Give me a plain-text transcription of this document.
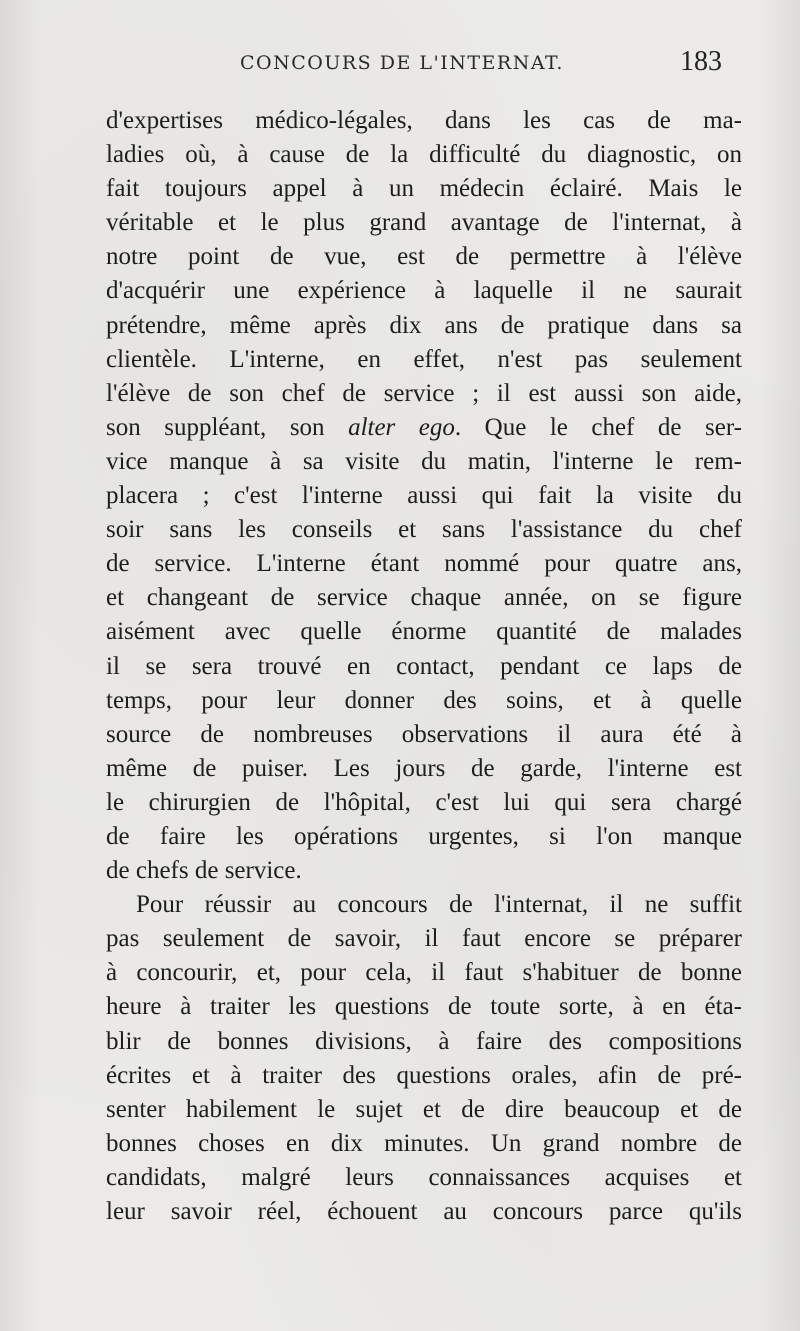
CONCOURS DE L'INTERNAT.	183
d'expertises médico-légales, dans les cas de ma-
ladies où, à cause de la difficulté du diagnostic, on
fait toujours appel à un médecin éclairé. Mais le
véritable et le plus grand avantage de l'internat, à
notre point de vue, est de permettre à l'élève
d'acquérir une expérience à laquelle il ne saurait
prétendre, même après dix ans de pratique dans sa
clientèle. L'interne, en effet, n'est pas seulement
l'élève de son chef de service ; il est aussi son aide,
son suppléant, son alter ego. Que le chef de ser-
vice manque à sa visite du matin, l'interne le rem-
placera ; c'est l'interne aussi qui fait la visite du
soir sans les conseils et sans l'assistance du chef
de service. L'interne étant nommé pour quatre ans,
et changeant de service chaque année, on se figure
aisément avec quelle énorme quantité de malades
il se sera trouvé en contact, pendant ce laps de
temps, pour leur donner des soins, et à quelle
source de nombreuses observations il aura été à
même de puiser. Les jours de garde, l'interne est
le chirurgien de l'hôpital, c'est lui qui sera chargé
de faire les opérations urgentes, si l'on manque
de chefs de service.
Pour réussir au concours de l'internat, il ne suffit
pas seulement de savoir, il faut encore se préparer
à concourir, et, pour cela, il faut s'habituer de bonne
heure à traiter les questions de toute sorte, à en éta-
blir de bonnes divisions, à faire des compositions
écrites et à traiter des questions orales, afin de pré-
senter habilement le sujet et de dire beaucoup et de
bonnes choses en dix minutes. Un grand nombre de
candidats, malgré leurs connaissances acquises et
leur savoir réel, échouent au concours parce qu'ils
